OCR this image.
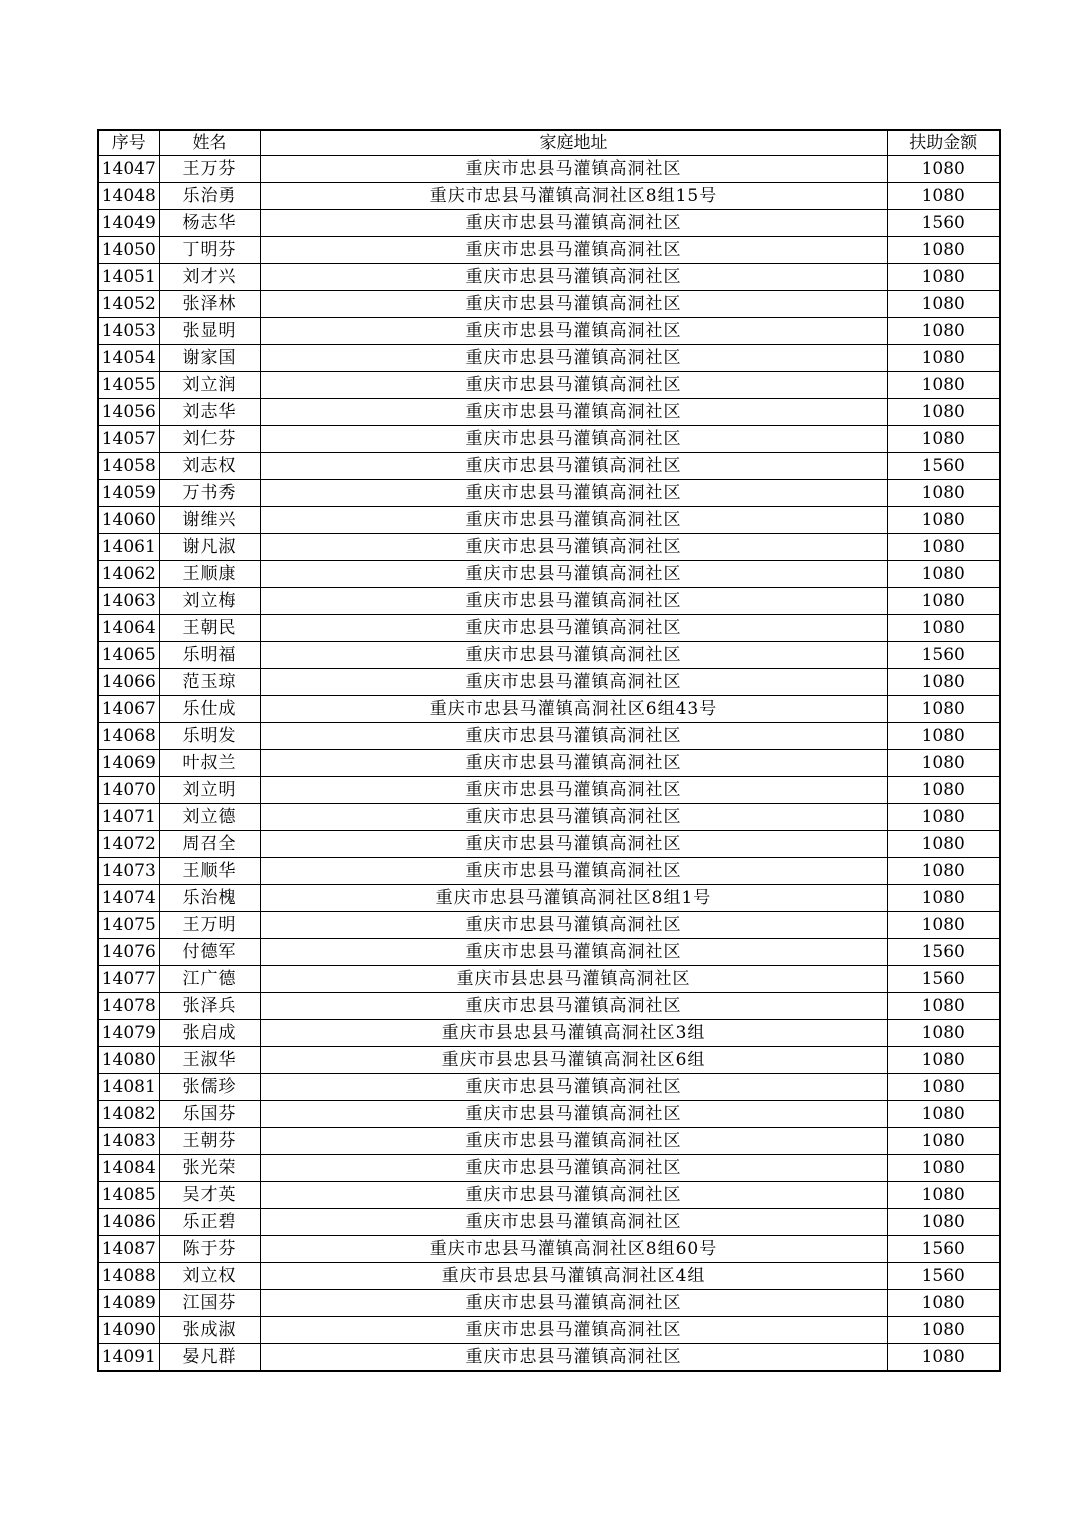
序号	姓名	家庭地址	扶助金额
14047	王万芬	重庆市忠县马灌镇高洞社区	1080
14048	乐治勇	重庆市忠县马灌镇高洞社区8组15号	1080
14049	杨志华	重庆市忠县马灌镇高洞社区	1560
14050	丁明芬	重庆市忠县马灌镇高洞社区	1080
14051	刘才兴	重庆市忠县马灌镇高洞社区	1080
14052	张泽林	重庆市忠县马灌镇高洞社区	1080
14053	张显明	重庆市忠县马灌镇高洞社区	1080
14054	谢家国	重庆市忠县马灌镇高洞社区	1080
14055	刘立润	重庆市忠县马灌镇高洞社区	1080
14056	刘志华	重庆市忠县马灌镇高洞社区	1080
14057	刘仁芬	重庆市忠县马灌镇高洞社区	1080
14058	刘志权	重庆市忠县马灌镇高洞社区	1560
14059	万书秀	重庆市忠县马灌镇高洞社区	1080
14060	谢维兴	重庆市忠县马灌镇高洞社区	1080
14061	谢凡淑	重庆市忠县马灌镇高洞社区	1080
14062	王顺康	重庆市忠县马灌镇高洞社区	1080
14063	刘立梅	重庆市忠县马灌镇高洞社区	1080
14064	王朝民	重庆市忠县马灌镇高洞社区	1080
14065	乐明福	重庆市忠县马灌镇高洞社区	1560
14066	范玉琼	重庆市忠县马灌镇高洞社区	1080
14067	乐仕成	重庆市忠县马灌镇高洞社区6组43号	1080
14068	乐明发	重庆市忠县马灌镇高洞社区	1080
14069	叶叔兰	重庆市忠县马灌镇高洞社区	1080
14070	刘立明	重庆市忠县马灌镇高洞社区	1080
14071	刘立德	重庆市忠县马灌镇高洞社区	1080
14072	周召全	重庆市忠县马灌镇高洞社区	1080
14073	王顺华	重庆市忠县马灌镇高洞社区	1080
14074	乐治槐	重庆市忠县马灌镇高洞社区8组1号	1080
14075	王万明	重庆市忠县马灌镇高洞社区	1080
14076	付德军	重庆市忠县马灌镇高洞社区	1560
14077	江广德	重庆市县忠县马灌镇高洞社区	1560
14078	张泽兵	重庆市忠县马灌镇高洞社区	1080
14079	张启成	重庆市县忠县马灌镇高洞社区3组	1080
14080	王淑华	重庆市县忠县马灌镇高洞社区6组	1080
14081	张儒珍	重庆市忠县马灌镇高洞社区	1080
14082	乐国芬	重庆市忠县马灌镇高洞社区	1080
14083	王朝芬	重庆市忠县马灌镇高洞社区	1080
14084	张光荣	重庆市忠县马灌镇高洞社区	1080
14085	吴才英	重庆市忠县马灌镇高洞社区	1080
14086	乐正碧	重庆市忠县马灌镇高洞社区	1080
14087	陈于芬	重庆市忠县马灌镇高洞社区8组60号	1560
14088	刘立权	重庆市县忠县马灌镇高洞社区4组	1560
14089	江国芬	重庆市忠县马灌镇高洞社区	1080
14090	张成淑	重庆市忠县马灌镇高洞社区	1080
14091	晏凡群	重庆市忠县马灌镇高洞社区	1080
